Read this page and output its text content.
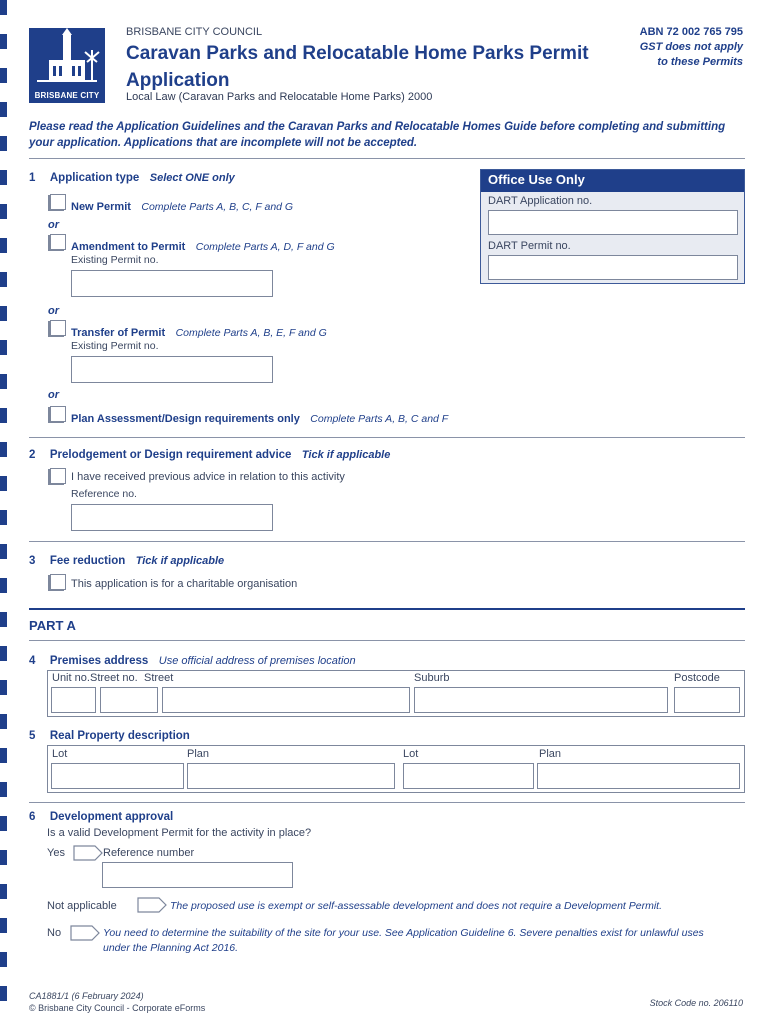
BRISBANE CITY
BRISBANE CITY COUNCIL
Caravan Parks and Relocatable Home Parks Permit Application
Local Law (Caravan Parks and Relocatable Home Parks) 2000
ABN 72 002 765 795
GST does not apply
to these Permits
Please read the Application Guidelines and the Caravan Parks and Relocatable Homes Guide before completing and submitting your application. Applications that are incomplete will not be accepted.
Office Use Only
DART Application no.
DART Permit no.
1 Application type Select ONE only
New Permit Complete Parts A, B, C, F and G
or
Amendment to Permit Complete Parts A, D, F and G
Existing Permit no.
or
Transfer of Permit Complete Parts A, B, E, F and G
Existing Permit no.
or
Plan Assessment/Design requirements only Complete Parts A, B, C and F
2 Prelodgement or Design requirement advice Tick if applicable
I have received previous advice in relation to this activity
Reference no.
3 Fee reduction Tick if applicable
This application is for a charitable organisation
PART A
4 Premises address Use official address of premises location
Unit no. Street no. Street	Suburb	Postcode
5 Real Property description
Lot	Plan	Lot	Plan
6 Development approval
Is a valid Development Permit for the activity in place?
Yes	Reference number
Not applicable	The proposed use is exempt or self-assessable development and does not require a Development Permit.
No	You need to determine the suitability of the site for your use. See Application Guideline 6. Severe penalties exist for unlawful uses under the Planning Act 2016.
CA1881/1 (6 February 2024)
© Brisbane City Council - Corporate eForms	Stock Code no. 206110
